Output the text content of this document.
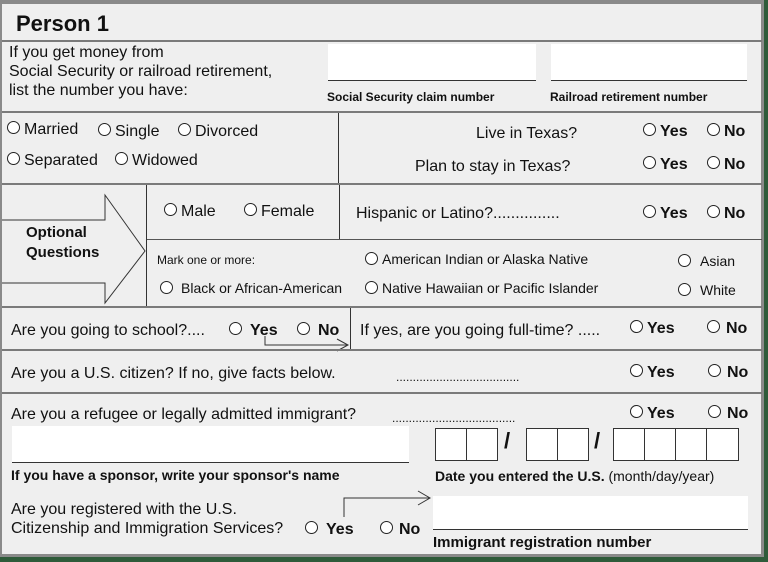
Person 1
If you get money from
Social Security or railroad retirement,
list the number you have:	Social Security claim number	Railroad retirement number
Married	Single	Divorced
Separated	Widowed
Live in Texas?	Yes	No
Plan to stay in Texas?	Yes	No
Optional
Questions
Male	Female	Hispanic or Latino?...............	Yes	No
Mark one or more:	American Indian or Alaska Native	Asian
Black or African-American	Native Hawaiian or Pacific Islander	White
Are you going to school?....	Yes	No If yes, are you going full-time? .....	Yes	No
Are you a U.S. citizen? If no, give facts below.	.....................................	Yes	No
Are you a refugee or legally admitted immigrant?	.....................................	Yes	No
If you have a sponsor, write your sponsor's name
/	/
Date you entered the U.S. (month/day/year)
Are you registered with the U.S.
Citizenship and Immigration Services?	Yes	No
Immigrant registration number
